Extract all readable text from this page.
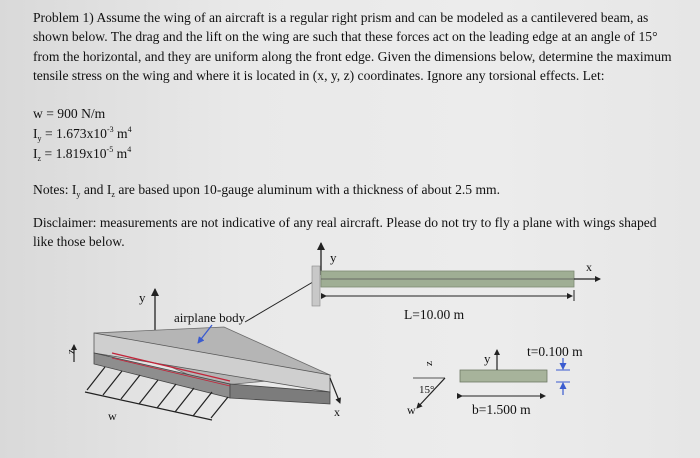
Problem 1) Assume the wing of an aircraft is a regular right prism and can be modeled as a cantilevered beam, as shown below. The drag and the lift on the wing are such that these forces act on the leading edge at an angle of 15° from the horizontal, and they are uniform along the front edge. Given the dimensions below, determine the maximum tensile stress on the wing and where it is located in (x, y, z) coordinates. Ignore any torsional effects. Let:

w = 900 N/m
$I_y = 1.673x10^{-3}$ $m^4$
$I_z = 1.819x10^{-5}$ $m^4$

Notes: $I_y$ and $I_z$ are based upon 10-gauge aluminum with a thickness of about 2.5 mm.

Disclaimer: measurements are not indicative of any real aircraft. Please do not try to fly a plane with wings shaped like those below.

y
z
x
w
airplane body
y
x
L=10.00 m
z
15°
w
y	t=0.100 m
b=1.500 m
